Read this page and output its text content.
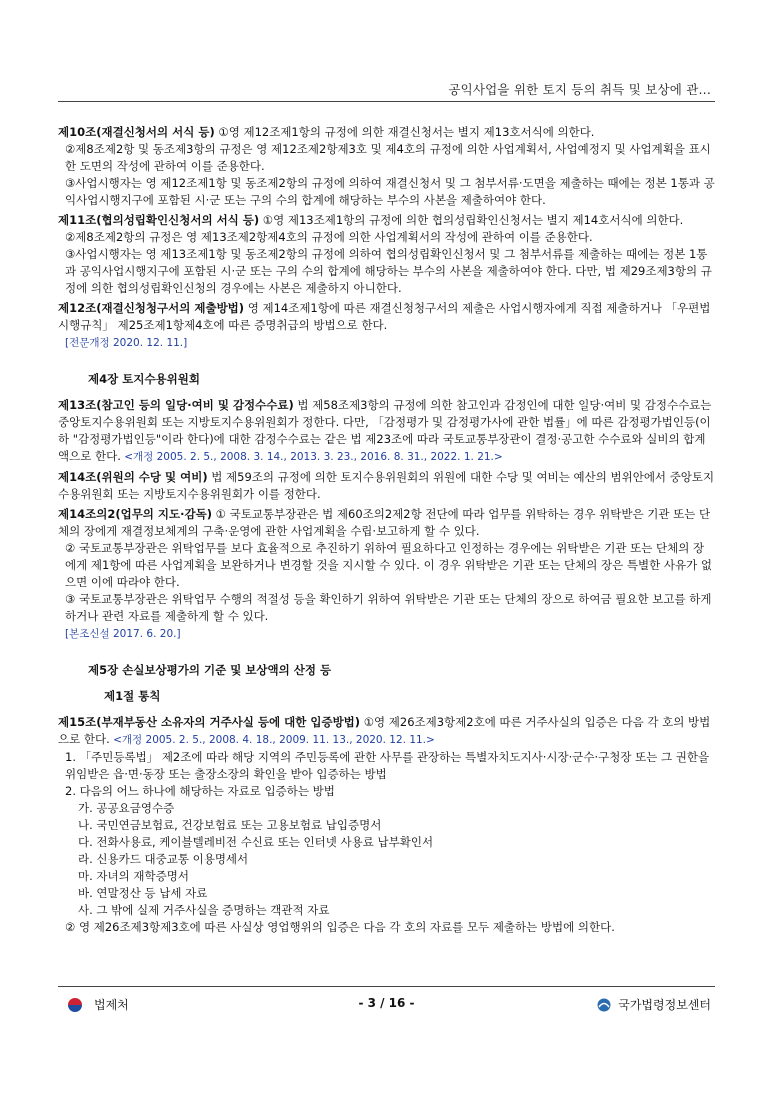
공익사업을 위한 토지 등의 취득 및 보상에 관...

제10조(재결신청서의 서식 등) ①영 제12조제1항의 규정에 의한 재결신청서는 별지 제13호서식에 의한다.

②제8조제2항 및 동조제3항의 규정은 영 제12조제2항제3호 및 제4호의 규정에 의한 사업계획서, 사업예정지 및 사업계획을 표시한 도면의 작성에 관하여 이를 준용한다.

③사업시행자는 영 제12조제1항 및 동조제2항의 규정에 의하여 재결신청서 및 그 첨부서류·도면을 제출하는 때에는 정본 1통과 공익사업시행지구에 포함된 시·군 또는 구의 수의 합계에 해당하는 부수의 사본을 제출하여야 한다.

제11조(협의성립확인신청서의 서식 등) ①영 제13조제1항의 규정에 의한 협의성립확인신청서는 별지 제14호서식에 의한다.

②제8조제2항의 규정은 영 제13조제2항제4호의 규정에 의한 사업계획서의 작성에 관하여 이를 준용한다.

③사업시행자는 영 제13조제1항 및 동조제2항의 규정에 의하여 협의성립확인신청서 및 그 첨부서류를 제출하는 때에는 정본 1통과 공익사업시행지구에 포함된 시·군 또는 구의 수의 합계에 해당하는 부수의 사본을 제출하여야 한다. 다만, 법 제29조제3항의 규정에 의한 협의성립확인신청의 경우에는 사본은 제출하지 아니한다.

제12조(재결신청청구서의 제출방법) 영 제14조제1항에 따른 재결신청청구서의 제출은 사업시행자에게 직접 제출하거나 「우편법 시행규칙」 제25조제1항제4호에 따른 증명취급의 방법으로 한다.

[전문개정 2020. 12. 11.]

제4장 토지수용위원회

제13조(참고인 등의 일당·여비 및 감정수수료) 법 제58조제3항의 규정에 의한 참고인과 감정인에 대한 일당·여비 및 감정수수료는 중앙토지수용위원회 또는 지방토지수용위원회가 정한다. 다만, 「감정평가 및 감정평가사에 관한 법률」에 따른 감정평가법인등(이하 "감정평가법인등"이라 한다)에 대한 감정수수료는 같은 법 제23조에 따라 국토교통부장관이 결정·공고한 수수료와 실비의 합계액으로 한다. <개정 2005. 2. 5., 2008. 3. 14., 2013. 3. 23., 2016. 8. 31., 2022. 1. 21.>

제14조(위원의 수당 및 여비) 법 제59조의 규정에 의한 토지수용위원회의 위원에 대한 수당 및 여비는 예산의 범위안에서 중앙토지수용위원회 또는 지방토지수용위원회가 이를 정한다.

제14조의2(업무의 지도·감독) ① 국토교통부장관은 법 제60조의2제2항 전단에 따라 업무를 위탁하는 경우 위탁받은 기관 또는 단체의 장에게 재결정보체계의 구축·운영에 관한 사업계획을 수립·보고하게 할 수 있다.

② 국토교통부장관은 위탁업무를 보다 효율적으로 추진하기 위하여 필요하다고 인정하는 경우에는 위탁받은 기관 또는 단체의 장에게 제1항에 따른 사업계획을 보완하거나 변경할 것을 지시할 수 있다. 이 경우 위탁받은 기관 또는 단체의 장은 특별한 사유가 없으면 이에 따라야 한다.

③ 국토교통부장관은 위탁업무 수행의 적절성 등을 확인하기 위하여 위탁받은 기관 또는 단체의 장으로 하여금 필요한 보고를 하게 하거나 관련 자료를 제출하게 할 수 있다.

[본조신설 2017. 6. 20.]

제5장 손실보상평가의 기준 및 보상액의 산정 등
제1절 통칙

제15조(부재부동산 소유자의 거주사실 등에 대한 입증방법) ①영 제26조제3항제2호에 따른 거주사실의 입증은 다음 각 호의 방법으로 한다. <개정 2005. 2. 5., 2008. 4. 18., 2009. 11. 13., 2020. 12. 11.>

1. 「주민등록법」 제2조에 따라 해당 지역의 주민등록에 관한 사무를 관장하는 특별자치도지사·시장·군수·구청장 또는 그 권한을 위임받은 읍·면·동장 또는 출장소장의 확인을 받아 입증하는 방법

2. 다음의 어느 하나에 해당하는 자료로 입증하는 방법

가. 공공요금영수증

나. 국민연금보험료, 건강보험료 또는 고용보험료 납입증명서

다. 전화사용료, 케이블텔레비전 수신료 또는 인터넷 사용료 납부확인서

라. 신용카드 대중교통 이용명세서

마. 자녀의 재학증명서

바. 연말정산 등 납세 자료

사. 그 밖에 실제 거주사실을 증명하는 객관적 자료

② 영 제26조제3항제3호에 따른 사실상 영업행위의 입증은 다음 각 호의 자료를 모두 제출하는 방법에 의한다.

법제처	- 3 / 16 -	국가법령정보센터
